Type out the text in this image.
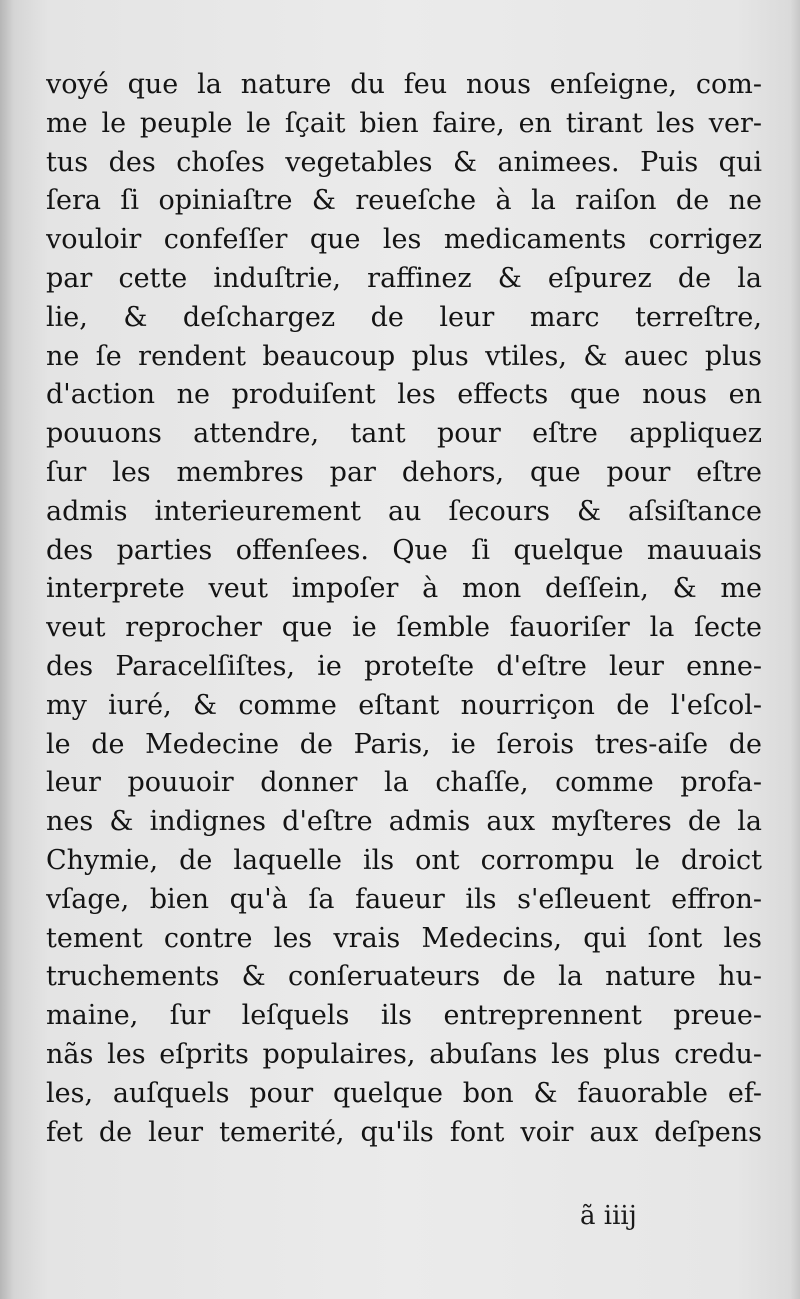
voyé que la nature du feu nous enſeigne, com-
me le peuple le ſçait bien faire, en tirant les ver-
tus des choſes vegetables & animees. Puis qui
ſera ſi opiniaſtre & reueſche à la raiſon de ne
vouloir confeſſer que les medicaments corrigez
par cette induſtrie, raffinez & eſpurez de la
lie, & deſchargez de leur marc terreſtre,
ne ſe rendent beaucoup plus vtiles, & auec plus
d'action ne produiſent les effects que nous en
pouuons attendre, tant pour eſtre appliquez
ſur les membres par dehors, que pour eſtre
admis interieurement au ſecours & aſsiſtance
des parties offenſees. Que ſi quelque mauuais
interprete veut impoſer à mon deſſein, & me
veut reprocher que ie ſemble fauoriſer la ſecte
des Paracelſiſtes, ie proteſte d'eſtre leur enne-
my iuré, & comme eſtant nourriçon de l'eſcol-
le de Medecine de Paris, ie ſerois tres-aiſe de
leur pouuoir donner la chaſſe, comme profa-
nes & indignes d'eſtre admis aux myſteres de la
Chymie, de laquelle ils ont corrompu le droict
vſage, bien qu'à ſa faueur ils s'eſleuent effron-
tement contre les vrais Medecins, qui ſont les
truchements & conſeruateurs de la nature hu-
maine, ſur leſquels ils entreprennent preue-
nãs les eſprits populaires, abuſans les plus credu-
les, auſquels pour quelque bon & fauorable ef-
fet de leur temerité, qu'ils font voir aux deſpens
ã iiij
